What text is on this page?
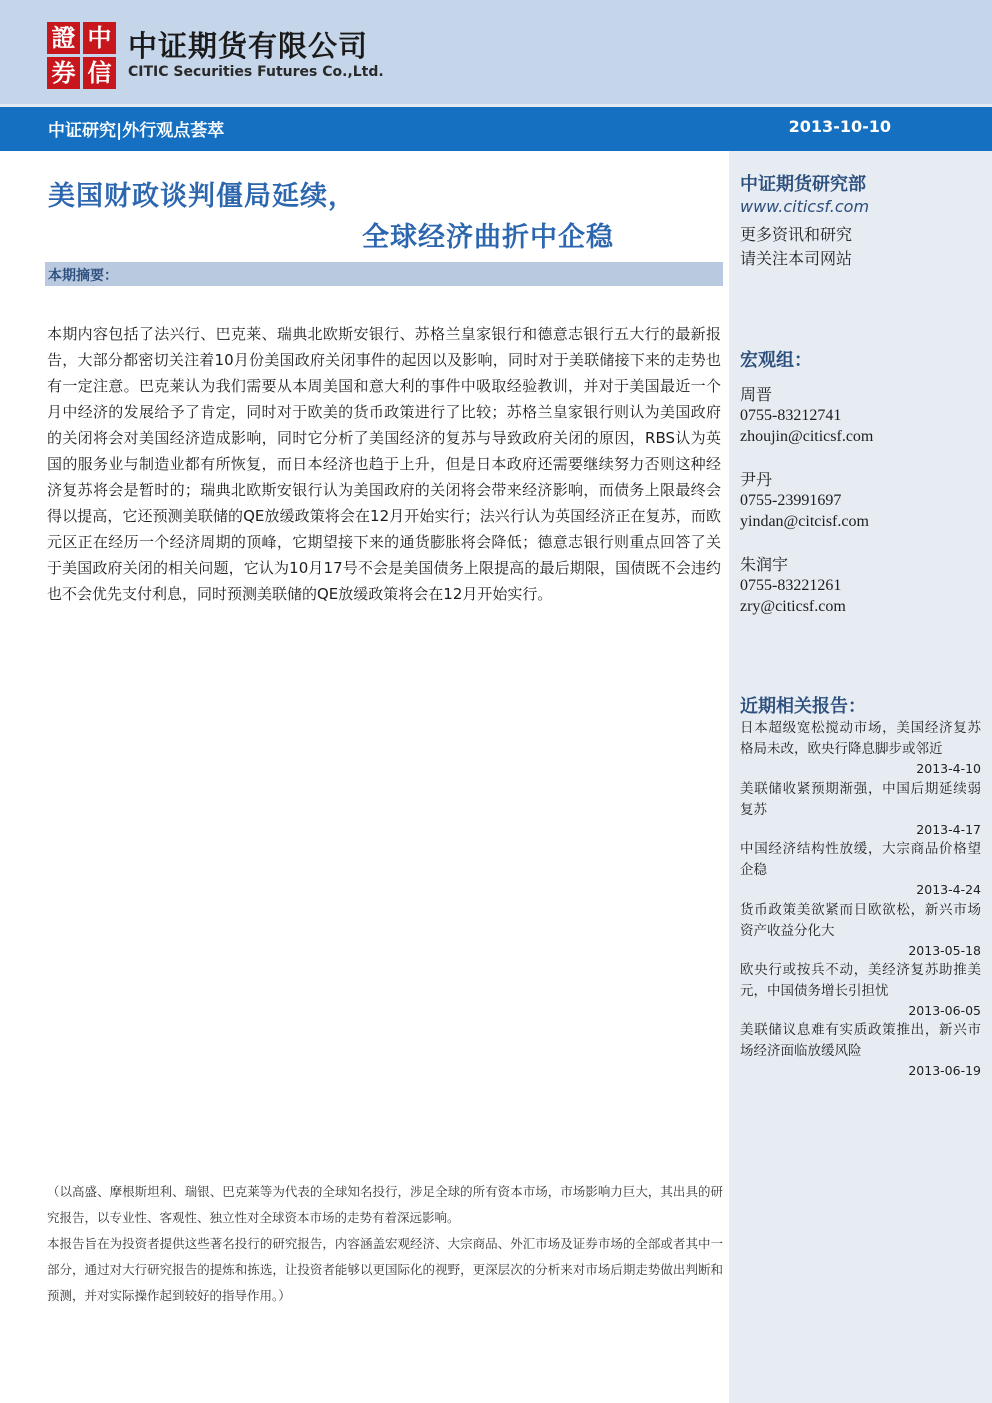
證 中
券 信
中证期货有限公司
CITIC Securities Futures Co.,Ltd.
中证研究|外行观点荟萃	2013-10-10
美国财政谈判僵局延续，
全球经济曲折中企稳
本期摘要：
本期内容包括了法兴行、巴克莱、瑞典北欧斯安银行、苏格兰皇家银行和德意志银行五大行的最新报告，大部分都密切关注着10月份美国政府关闭事件的起因以及影响，同时对于美联储接下来的走势也有一定注意。巴克莱认为我们需要从本周美国和意大利的事件中吸取经验教训，并对于美国最近一个月中经济的发展给予了肯定，同时对于欧美的货币政策进行了比较；苏格兰皇家银行则认为美国政府的关闭将会对美国经济造成影响，同时它分析了美国经济的复苏与导致政府关闭的原因，RBS认为英国的服务业与制造业都有所恢复，而日本经济也趋于上升，但是日本政府还需要继续努力否则这种经济复苏将会是暂时的；瑞典北欧斯安银行认为美国政府的关闭将会带来经济影响，而债务上限最终会得以提高，它还预测美联储的QE放缓政策将会在12月开始实行；法兴行认为英国经济正在复苏，而欧元区正在经历一个经济周期的顶峰，它期望接下来的通货膨胀将会降低；德意志银行则重点回答了关于美国政府关闭的相关问题，它认为10月17号不会是美国债务上限提高的最后期限，国债既不会违约也不会优先支付利息，同时预测美联储的QE放缓政策将会在12月开始实行。
中证期货研究部
www.citicsf.com
更多资讯和研究
请关注本司网站
宏观组：
周晋
0755-83212741
zhoujin@citicsf.com
尹丹
0755-23991697
yindan@citcisf.com
朱润宇
0755-83221261
zry@citicsf.com
近期相关报告：
日本超级宽松搅动市场，美国经济复苏格局未改，欧央行降息脚步或邻近
2013-4-10
美联储收紧预期渐强，中国后期延续弱复苏
2013-4-17
中国经济结构性放缓，大宗商品价格望企稳
2013-4-24
货币政策美欲紧而日欧欲松，新兴市场资产收益分化大
2013-05-18
欧央行或按兵不动，美经济复苏助推美元，中国债务增长引担忧
2013-06-05
美联储议息难有实质政策推出，新兴市场经济面临放缓风险
2013-06-19
（以高盛、摩根斯坦利、瑞银、巴克莱等为代表的全球知名投行，涉足全球的所有资本市场，市场影响力巨大，其出具的研究报告，以专业性、客观性、独立性对全球资本市场的走势有着深远影响。
本报告旨在为投资者提供这些著名投行的研究报告，内容涵盖宏观经济、大宗商品、外汇市场及证券市场的全部或者其中一部分，通过对大行研究报告的提炼和拣选，让投资者能够以更国际化的视野，更深层次的分析来对市场后期走势做出判断和预测，并对实际操作起到较好的指导作用。）
